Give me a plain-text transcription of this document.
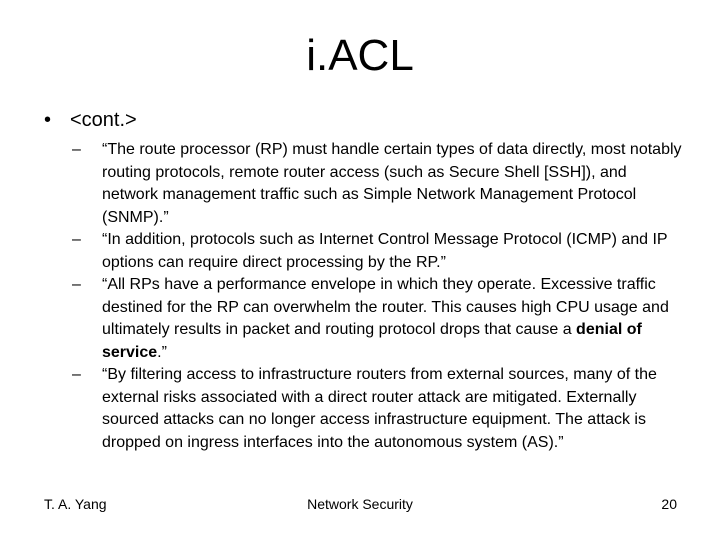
i.ACL
• <cont.>
–	“The route processor (RP) must handle certain types of data directly, most notably routing protocols, remote router access (such as Secure Shell [SSH]), and network management traffic such as Simple Network Management Protocol (SNMP).”
–	“In addition, protocols such as Internet Control Message Protocol (ICMP) and IP options can require direct processing by the RP.”
–	“All RPs have a performance envelope in which they operate. Excessive traffic destined for the RP can overwhelm the router. This causes high CPU usage and ultimately results in packet and routing protocol drops that cause a denial of service.”
–	“By filtering access to infrastructure routers from external sources, many of the external risks associated with a direct router attack are mitigated. Externally sourced attacks can no longer access infrastructure equipment. The attack is dropped on ingress interfaces into the autonomous system (AS).”
T. A. Yang	Network Security	20
